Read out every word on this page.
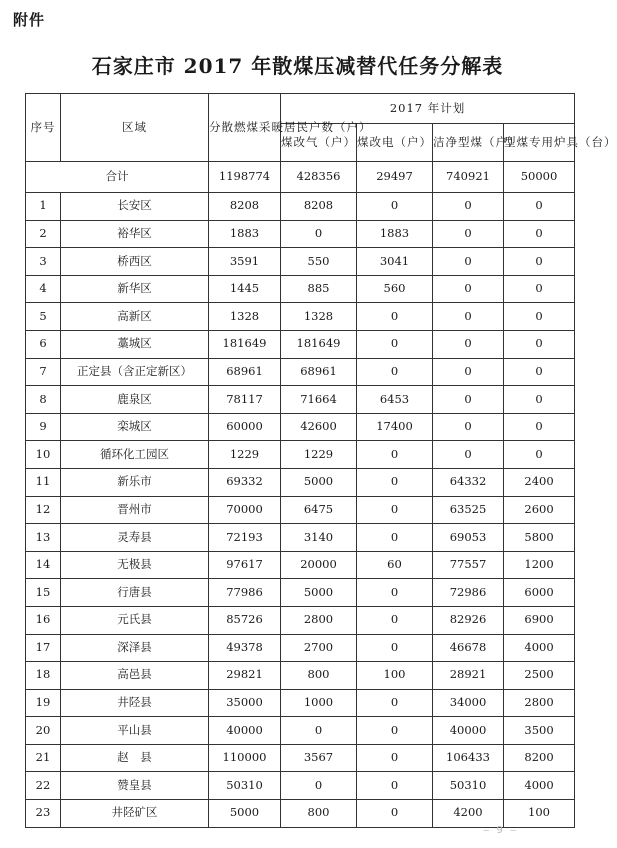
附件
石家庄市 2017 年散煤压减替代任务分解表
序号	区域	分散燃煤采暖居民户数（户）	2017 年计划			
			煤改气（户）	煤改电（户）	洁净型煤（户）	型煤专用炉具（台）
合计		1198774	428356	29497	740921	50000
1	长安区	8208	8208	0	0	0
2	裕华区	1883	0	1883	0	0
3	桥西区	3591	550	3041	0	0
4	新华区	1445	885	560	0	0
5	高新区	1328	1328	0	0	0
6	藁城区	181649	181649	0	0	0
7	正定县（含正定新区）	68961	68961	0	0	0
8	鹿泉区	78117	71664	6453	0	0
9	栾城区	60000	42600	17400	0	0
10	循环化工园区	1229	1229	0	0	0
11	新乐市	69332	5000	0	64332	2400
12	晋州市	70000	6475	0	63525	2600
13	灵寿县	72193	3140	0	69053	5800
14	无极县	97617	20000	60	77557	1200
15	行唐县	77986	5000	0	72986	6000
16	元氏县	85726	2800	0	82926	6900
17	深泽县	49378	2700	0	46678	4000
18	高邑县	29821	800	100	28921	2500
19	井陉县	35000	1000	0	34000	2800
20	平山县	40000	0	0	40000	3500
21	赵　县	110000	3567	0	106433	8200
22	赞皇县	50310	0	0	50310	4000
23	井陉矿区	5000	800	0	4200	100
‒ 9 ‒
